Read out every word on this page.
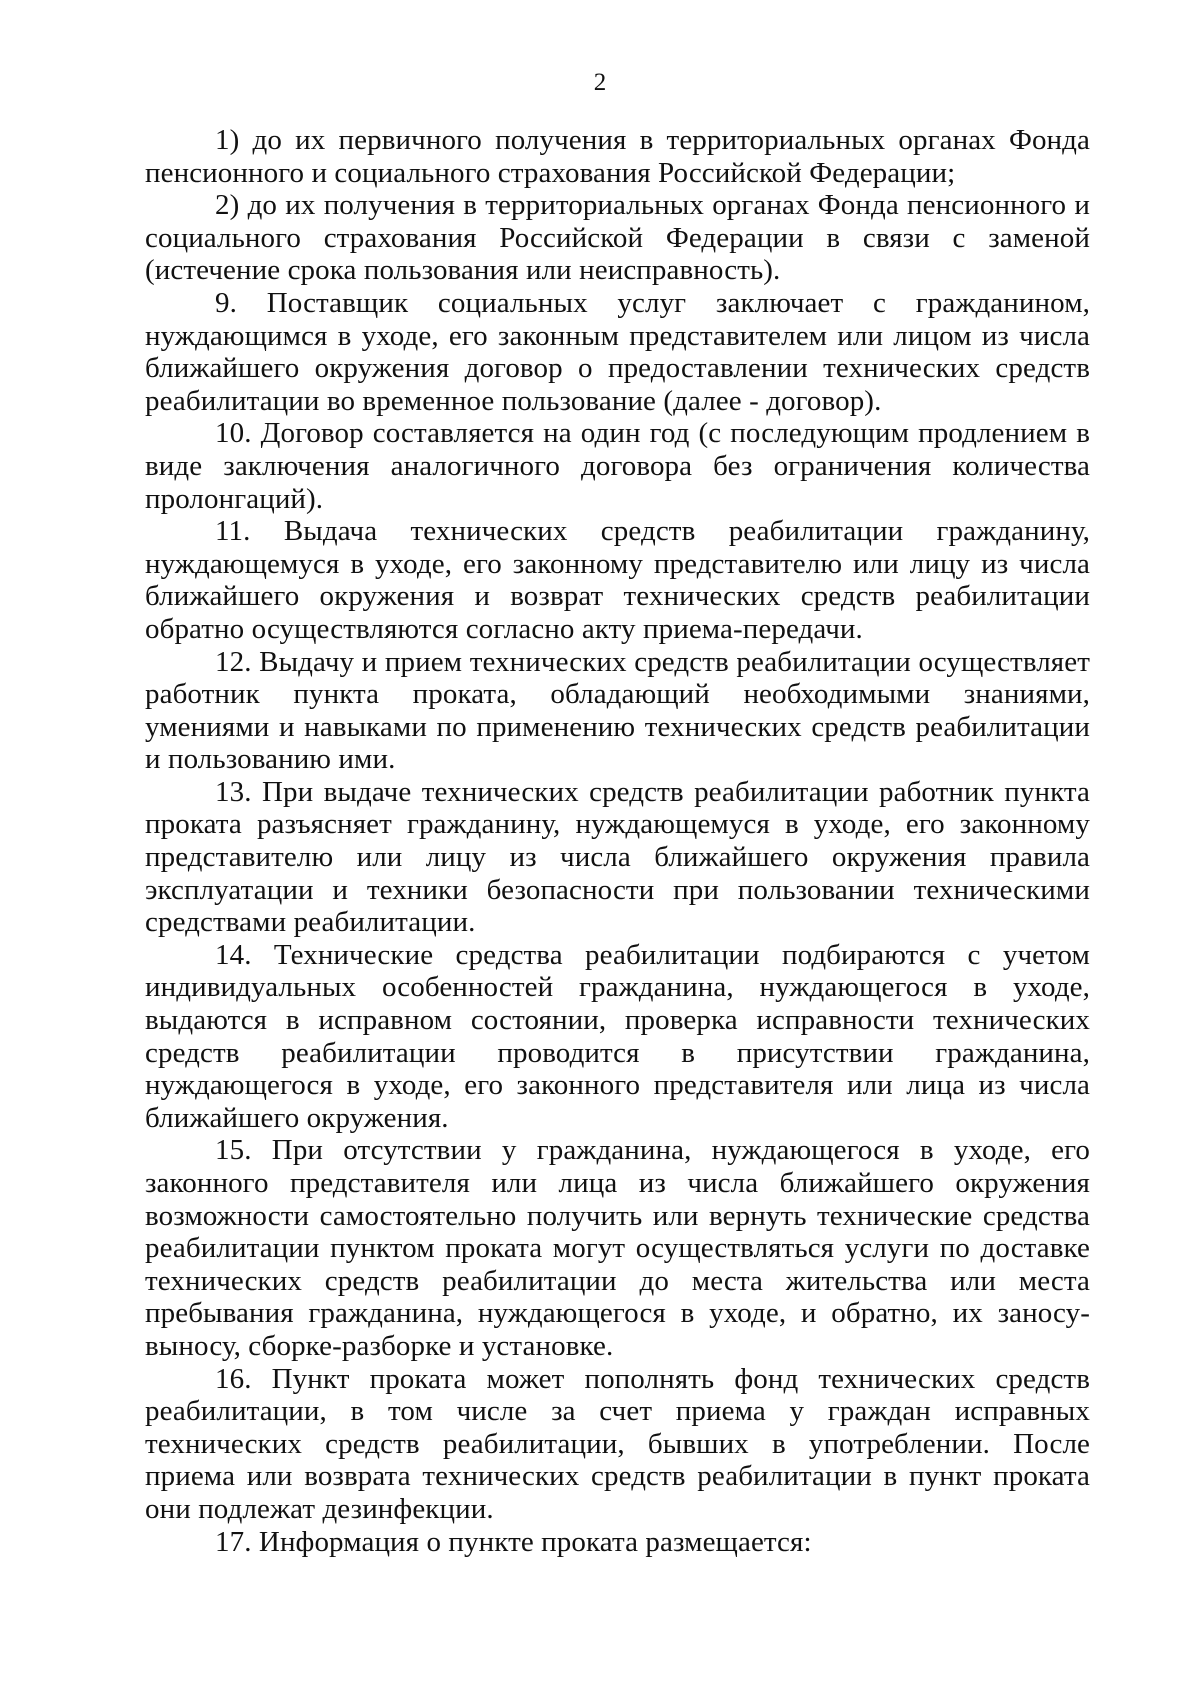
2

1) до их первичного получения в территориальных органах Фонда пенсионного и социального страхования Российской Федерации;

2) до их получения в территориальных органах Фонда пенсионного и социального страхования Российской Федерации в связи с заменой (истечение срока пользования или неисправность).

9. Поставщик социальных услуг заключает с гражданином, нуждающимся в уходе, его законным представителем или лицом из числа ближайшего окружения договор о предоставлении технических средств реабилитации во временное пользование (далее - договор).

10. Договор составляется на один год (с последующим продлением в виде заключения аналогичного договора без ограничения количества пролонгаций).

11. Выдача технических средств реабилитации гражданину, нуждающемуся в уходе, его законному представителю или лицу из числа ближайшего окружения и возврат технических средств реабилитации обратно осуществляются согласно акту приема-передачи.

12. Выдачу и прием технических средств реабилитации осуществляет работник пункта проката, обладающий необходимыми знаниями, умениями и навыками по применению технических средств реабилитации и пользованию ими.

13. При выдаче технических средств реабилитации работник пункта проката разъясняет гражданину, нуждающемуся в уходе, его законному представителю или лицу из числа ближайшего окружения правила эксплуатации и техники безопасности при пользовании техническими средствами реабилитации.

14. Технические средства реабилитации подбираются с учетом индивидуальных особенностей гражданина, нуждающегося в уходе, выдаются в исправном состоянии, проверка исправности технических средств реабилитации проводится в присутствии гражданина, нуждающегося в уходе, его законного представителя или лица из числа ближайшего окружения.

15. При отсутствии у гражданина, нуждающегося в уходе, его законного представителя или лица из числа ближайшего окружения возможности самостоятельно получить или вернуть технические средства реабилитации пунктом проката могут осуществляться услуги по доставке технических средств реабилитации до места жительства или места пребывания гражданина, нуждающегося в уходе, и обратно, их заносу-выносу, сборке-разборке и установке.

16. Пункт проката может пополнять фонд технических средств реабилитации, в том числе за счет приема у граждан исправных технических средств реабилитации, бывших в употреблении. После приема или возврата технических средств реабилитации в пункт проката они подлежат дезинфекции.

17. Информация о пункте проката размещается:
